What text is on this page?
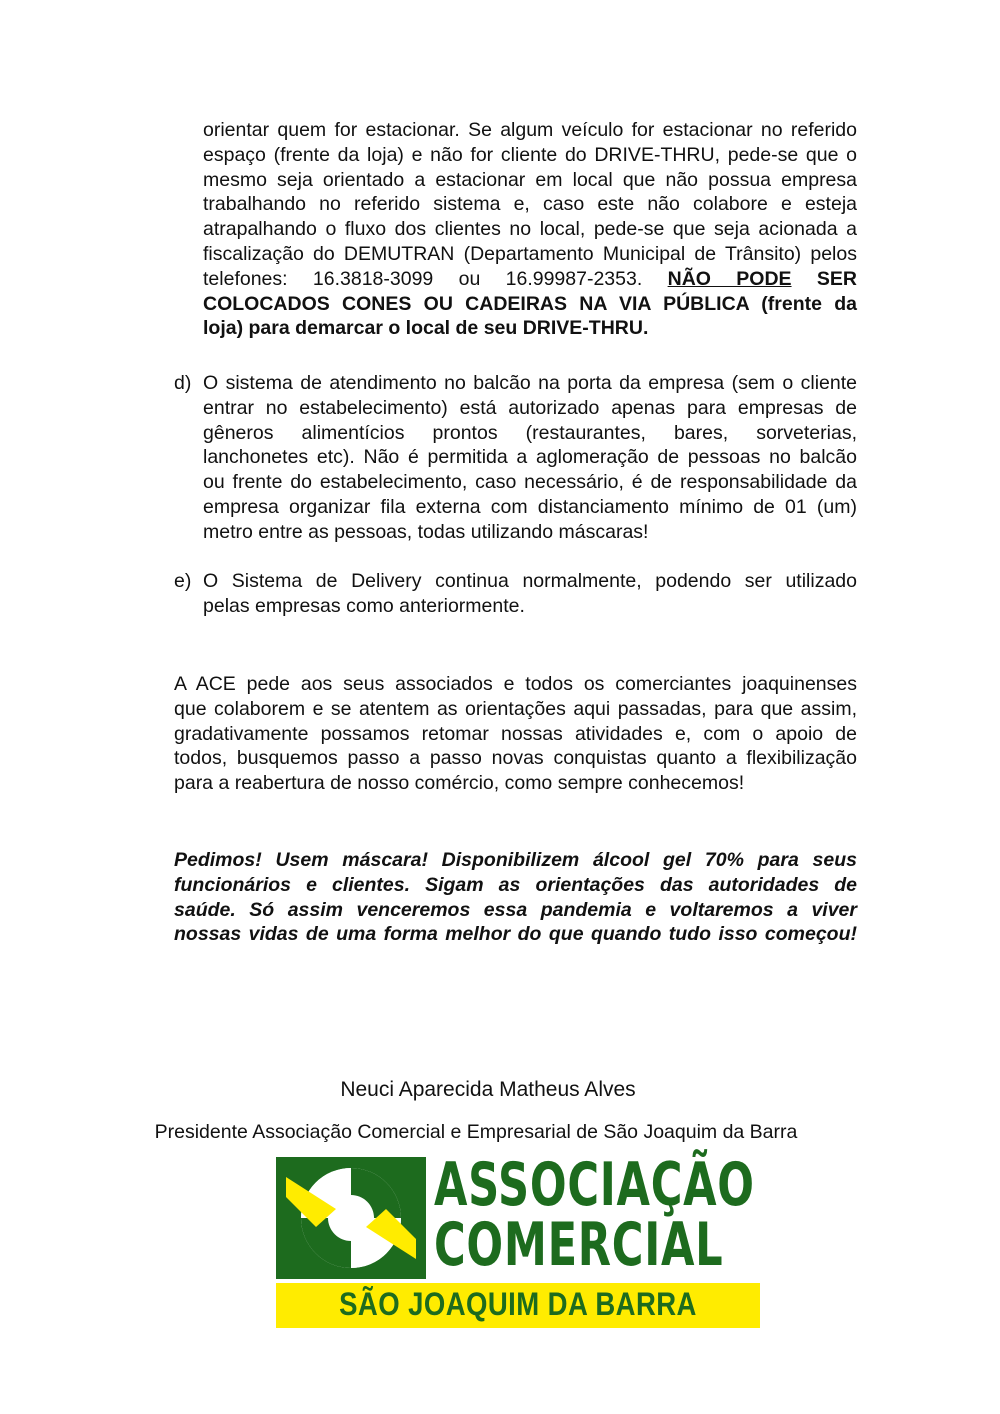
orientar quem for estacionar. Se algum veículo for estacionar no referido
espaço (frente da loja) e não for cliente do DRIVE-THRU, pede-se que o
mesmo seja orientado a estacionar em local que não possua empresa
trabalhando no referido sistema e, caso este não colabore e esteja
atrapalhando o fluxo dos clientes no local, pede-se que seja acionada a
fiscalização do DEMUTRAN (Departamento Municipal de Trânsito) pelos
telefones: 16.3818-3099 ou 16.99987-2353. NÃO PODE SER
COLOCADOS CONES OU CADEIRAS NA VIA PÚBLICA (frente da
loja) para demarcar o local de seu DRIVE-THRU.
d) O sistema de atendimento no balcão na porta da empresa (sem o cliente
entrar no estabelecimento) está autorizado apenas para empresas de
gêneros alimentícios prontos (restaurantes, bares, sorveterias,
lanchonetes etc). Não é permitida a aglomeração de pessoas no balcão
ou frente do estabelecimento, caso necessário, é de responsabilidade da
empresa organizar fila externa com distanciamento mínimo de 01 (um)
metro entre as pessoas, todas utilizando máscaras!
e) O Sistema de Delivery continua normalmente, podendo ser utilizado
pelas empresas como anteriormente.
A ACE pede aos seus associados e todos os comerciantes joaquinenses
que colaborem e se atentem as orientações aqui passadas, para que assim,
gradativamente possamos retomar nossas atividades e, com o apoio de
todos, busquemos passo a passo novas conquistas quanto a flexibilização
para a reabertura de nosso comércio, como sempre conhecemos!
Pedimos! Usem máscara! Disponibilizem álcool gel 70% para seus
funcionários e clientes. Sigam as orientações das autoridades de
saúde. Só assim venceremos essa pandemia e voltaremos a viver
nossas vidas de uma forma melhor do que quando tudo isso começou!
Neuci Aparecida Matheus Alves
Presidente Associação Comercial e Empresarial de São Joaquim da Barra
ASSOCIAÇÃO
COMERCIAL
SÃO JOAQUIM DA BARRA
